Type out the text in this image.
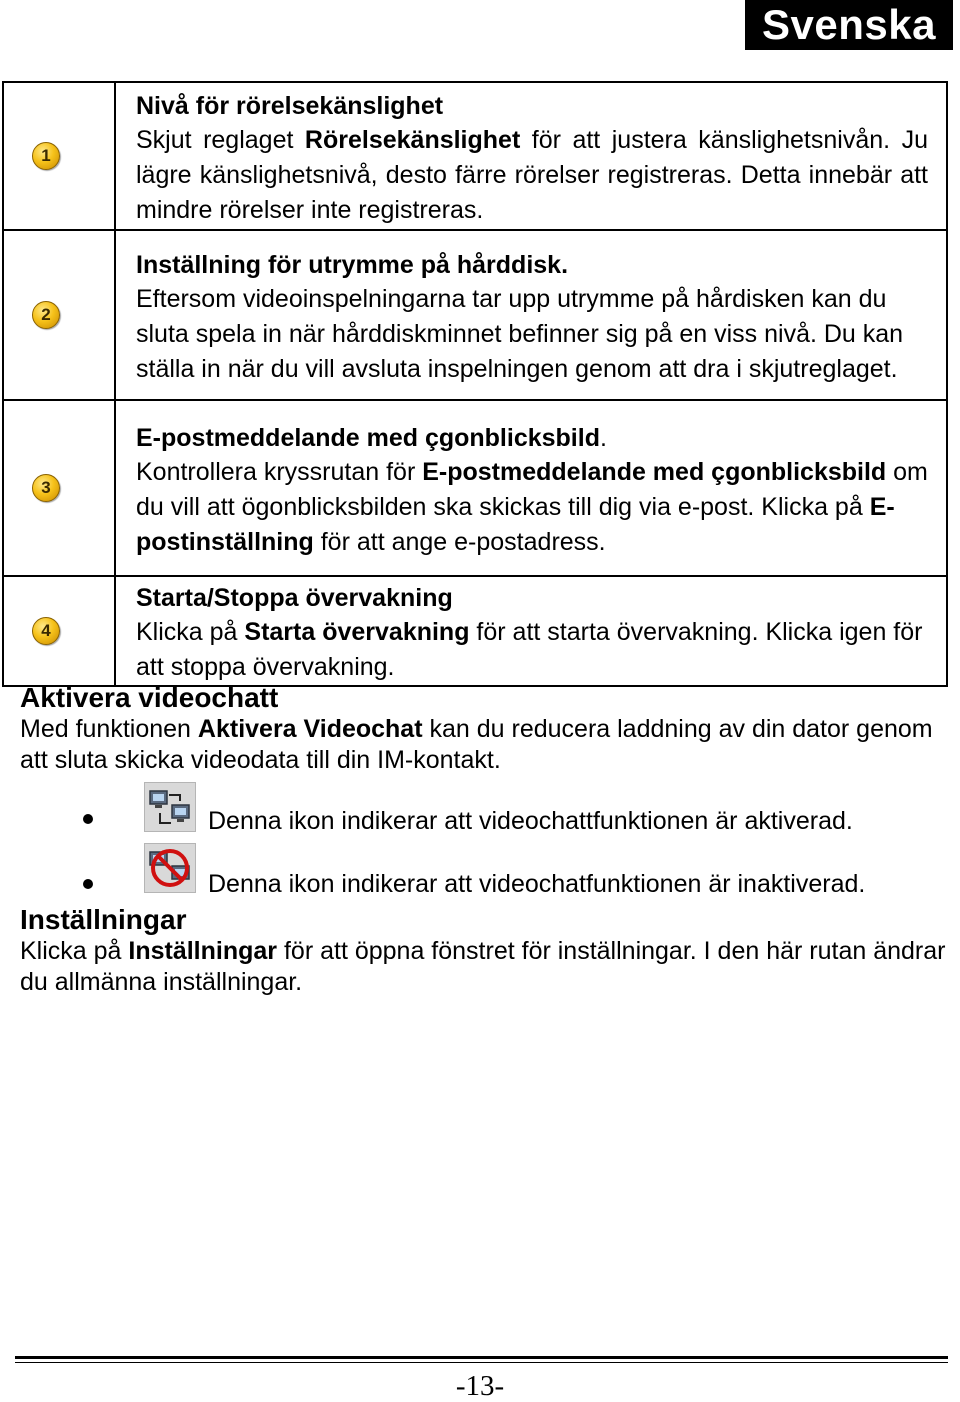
Svenska
1	Nivå för rörelsekänslighet
Skjut reglaget Rörelsekänslighet för att justera känslighetsnivån. Ju lägre känslighetsnivå, desto färre rörelser registreras. Detta innebär att mindre rörelser inte registreras.

2	Inställning för utrymme på hårddisk.
Eftersom videoinspelningarna tar upp utrymme på hårdisken kan du sluta spela in när hårddiskminnet befinner sig på en viss nivå. Du kan ställa in när du vill avsluta inspelningen genom att dra i skjutreglaget.

3	E-postmeddelande med çgonblicksbild.
Kontrollera kryssrutan för E-postmeddelande med çgonblicksbild om du vill att ögonblicksbilden ska skickas till dig via e-post. Klicka på E-postinställning för att ange e-postadress.

4	Starta/Stoppa övervakning
Klicka på Starta övervakning för att starta övervakning. Klicka igen för att stoppa övervakning.
Aktivera videochatt

Med funktionen Aktivera Videochat kan du reducera laddning av din dator genom att sluta skicka videodata till din IM-kontakt.

Denna ikon indikerar att videochattfunktionen är aktiverad.
Denna ikon indikerar att videochatfunktionen är inaktiverad.
Inställningar

Klicka på Inställningar för att öppna fönstret för inställningar. I den här rutan ändrar du allmänna inställningar.

-13-
